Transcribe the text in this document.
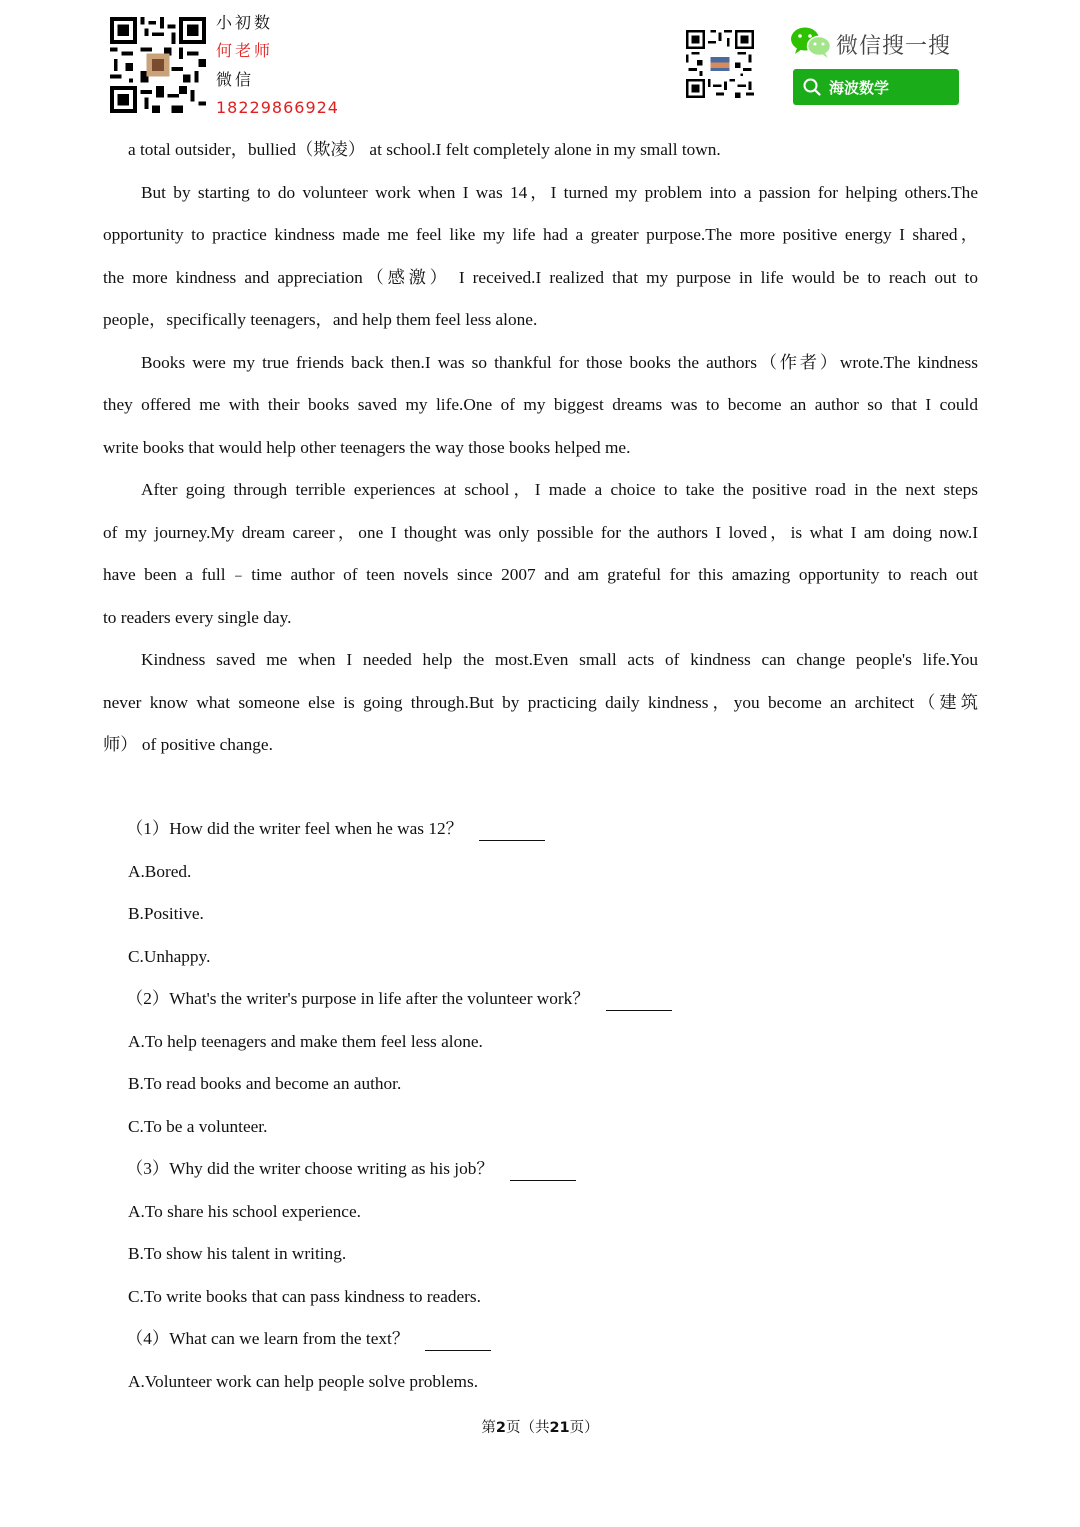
小初数
何老师
微信
18229866924
微信搜一搜
海波数学
a total outsider，bullied（欺凌） at school.I felt completely alone in my small town.
But by starting to do volunteer work when I was 14，I turned my problem into a passion for helping others.The
opportunity to practice kindness made me feel like my life had a greater purpose.The more positive energy I shared，
the more kindness and appreciation（感激） I received.I realized that my purpose in life would be to reach out to
people，specifically teenagers，and help them feel less alone.
Books were my true friends back then.I was so thankful for those books the authors（作者）wrote.The kindness
they offered me with their books saved my life.One of my biggest dreams was to become an author so that I could
write books that would help other teenagers the way those books helped me.
After going through terrible experiences at school，I made a choice to take the positive road in the next steps
of my journey.My dream career，one I thought was only possible for the authors I loved，is what I am doing now.I
have been a full﹣time author of teen novels since 2007 and am grateful for this amazing opportunity to reach out
to readers every single day.
Kindness saved me when I needed help the most.Even small acts of kindness can change people's life.You
never know what someone else is going through.But by practicing daily kindness，you become an architect（建筑
师） of positive change.
（1）How did the writer feel when he was 12？
A.Bored.
B.Positive.
C.Unhappy.
（2）What's the writer's purpose in life after the volunteer work？
A.To help teenagers and make them feel less alone.
B.To read books and become an author.
C.To be a volunteer.
（3）Why did the writer choose writing as his job？
A.To share his school experience.
B.To show his talent in writing.
C.To write books that can pass kindness to readers.
（4）What can we learn from the text？
A.Volunteer work can help people solve problems.
第2页（共21页）
